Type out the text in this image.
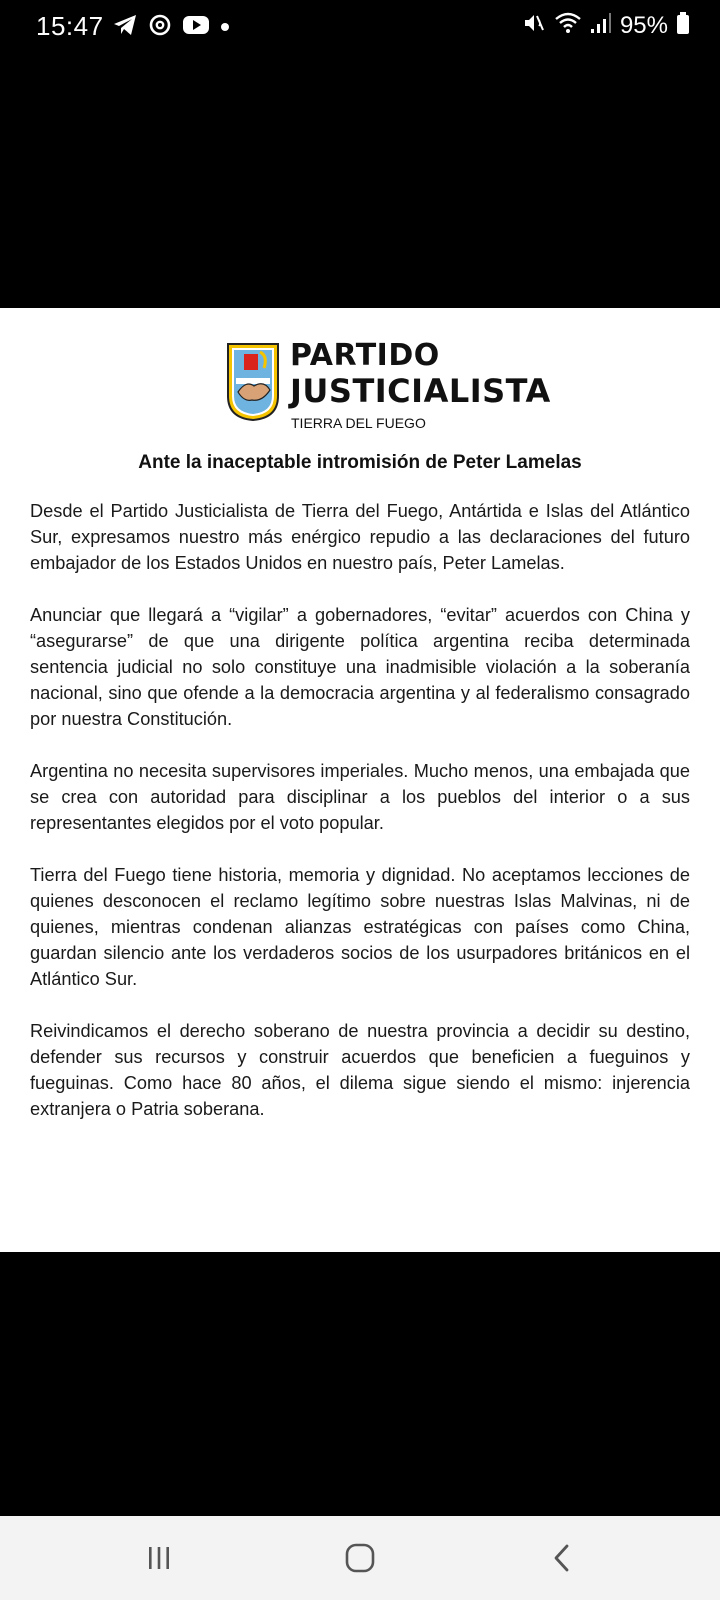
15:47	95%
PARTIDO
JUSTICIALISTA
TIERRA DEL FUEGO
Ante la inaceptable intromisión de Peter Lamelas

Desde el Partido Justicialista de Tierra del Fuego, Antártida e Islas del Atlántico Sur, expresamos nuestro más enérgico repudio a las declaraciones del futuro embajador de los Estados Unidos en nuestro país, Peter Lamelas.

Anunciar que llegará a “vigilar” a gobernadores, “evitar” acuerdos con China y “asegurarse” de que una dirigente política argentina reciba determinada sentencia judicial no solo constituye una inadmisible violación a la soberanía nacional, sino que ofende a la democracia argentina y al federalismo consagrado por nuestra Constitución.

Argentina no necesita supervisores imperiales. Mucho menos, una embajada que se crea con autoridad para disciplinar a los pueblos del interior o a sus representantes elegidos por el voto popular.

Tierra del Fuego tiene historia, memoria y dignidad. No aceptamos lecciones de quienes desconocen el reclamo legítimo sobre nuestras Islas Malvinas, ni de quienes, mientras condenan alianzas estratégicas con países como China, guardan silencio ante los verdaderos socios de los usurpadores británicos en el Atlántico Sur.

Reivindicamos el derecho soberano de nuestra provincia a decidir su destino, defender sus recursos y construir acuerdos que beneficien a fueguinos y fueguinas. Como hace 80 años, el dilema sigue siendo el mismo: injerencia extranjera o Patria soberana.
